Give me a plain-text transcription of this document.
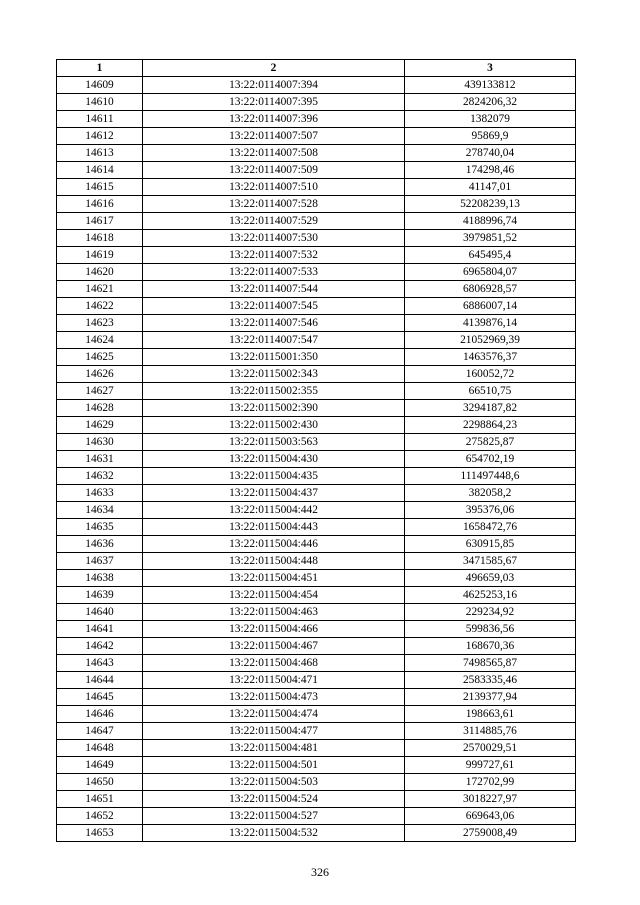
1	2	3
14609	13:22:0114007:394	439133812
14610	13:22:0114007:395	2824206,32
14611	13:22:0114007:396	1382079
14612	13:22:0114007:507	95869,9
14613	13:22:0114007:508	278740,04
14614	13:22:0114007:509	174298,46
14615	13:22:0114007:510	41147,01
14616	13:22:0114007:528	52208239,13
14617	13:22:0114007:529	4188996,74
14618	13:22:0114007:530	3979851,52
14619	13:22:0114007:532	645495,4
14620	13:22:0114007:533	6965804,07
14621	13:22:0114007:544	6806928,57
14622	13:22:0114007:545	6886007,14
14623	13:22:0114007:546	4139876,14
14624	13:22:0114007:547	21052969,39
14625	13:22:0115001:350	1463576,37
14626	13:22:0115002:343	160052,72
14627	13:22:0115002:355	66510,75
14628	13:22:0115002:390	3294187,82
14629	13:22:0115002:430	2298864,23
14630	13:22:0115003:563	275825,87
14631	13:22:0115004:430	654702,19
14632	13:22:0115004:435	111497448,6
14633	13:22:0115004:437	382058,2
14634	13:22:0115004:442	395376,06
14635	13:22:0115004:443	1658472,76
14636	13:22:0115004:446	630915,85
14637	13:22:0115004:448	3471585,67
14638	13:22:0115004:451	496659,03
14639	13:22:0115004:454	4625253,16
14640	13:22:0115004:463	229234,92
14641	13:22:0115004:466	599836,56
14642	13:22:0115004:467	168670,36
14643	13:22:0115004:468	7498565,87
14644	13:22:0115004:471	2583335,46
14645	13:22:0115004:473	2139377,94
14646	13:22:0115004:474	198663,61
14647	13:22:0115004:477	3114885,76
14648	13:22:0115004:481	2570029,51
14649	13:22:0115004:501	999727,61
14650	13:22:0115004:503	172702,99
14651	13:22:0115004:524	3018227,97
14652	13:22:0115004:527	669643,06
14653	13:22:0115004:532	2759008,49
326
